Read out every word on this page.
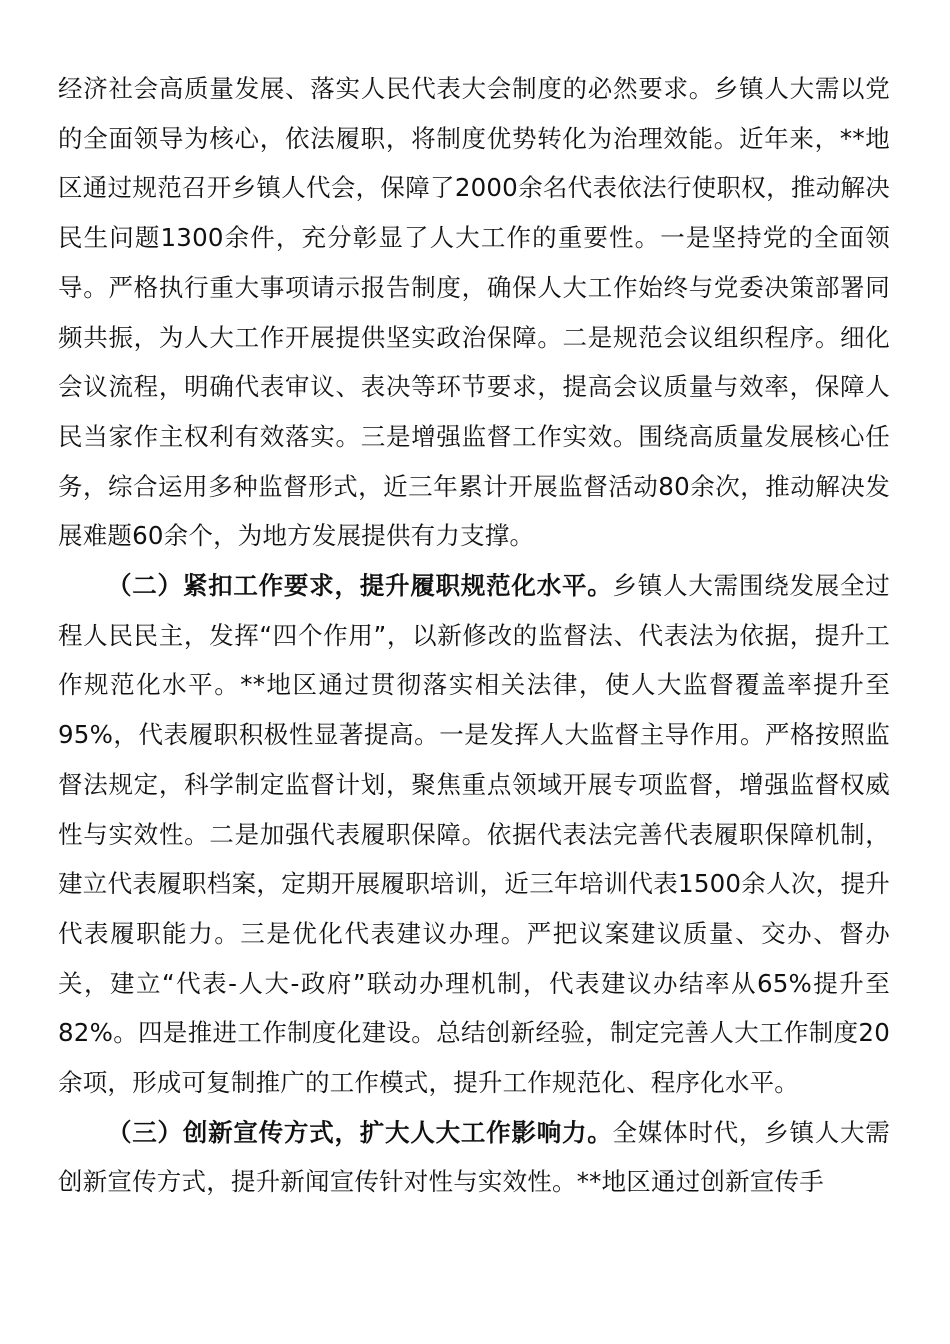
经济社会高质量发展、落实人民代表大会制度的必然要求。乡镇人大需以党的全面领导为核心，依法履职，将制度优势转化为治理效能。近年来，**地区通过规范召开乡镇人代会，保障了2000余名代表依法行使职权，推动解决民生问题1300余件，充分彰显了人大工作的重要性。一是坚持党的全面领导。严格执行重大事项请示报告制度，确保人大工作始终与党委决策部署同频共振，为人大工作开展提供坚实政治保障。二是规范会议组织程序。细化会议流程，明确代表审议、表决等环节要求，提高会议质量与效率，保障人民当家作主权利有效落实。三是增强监督工作实效。围绕高质量发展核心任务，综合运用多种监督形式，近三年累计开展监督活动80余次，推动解决发展难题60余个，为地方发展提供有力支撑。

（二）紧扣工作要求，提升履职规范化水平。乡镇人大需围绕发展全过程人民民主，发挥“四个作用”，以新修改的监督法、代表法为依据，提升工作规范化水平。**地区通过贯彻落实相关法律，使人大监督覆盖率提升至95%，代表履职积极性显著提高。一是发挥人大监督主导作用。严格按照监督法规定，科学制定监督计划，聚焦重点领域开展专项监督，增强监督权威性与实效性。二是加强代表履职保障。依据代表法完善代表履职保障机制，建立代表履职档案，定期开展履职培训，近三年培训代表1500余人次，提升代表履职能力。三是优化代表建议办理。严把议案建议质量、交办、督办关，建立“代表-人大-政府”联动办理机制，代表建议办结率从65%提升至82%。四是推进工作制度化建设。总结创新经验，制定完善人大工作制度20余项，形成可复制推广的工作模式，提升工作规范化、程序化水平。

（三）创新宣传方式，扩大人大工作影响力。全媒体时代，乡镇人大需创新宣传方式，提升新闻宣传针对性与实效性。**地区通过创新宣传手
